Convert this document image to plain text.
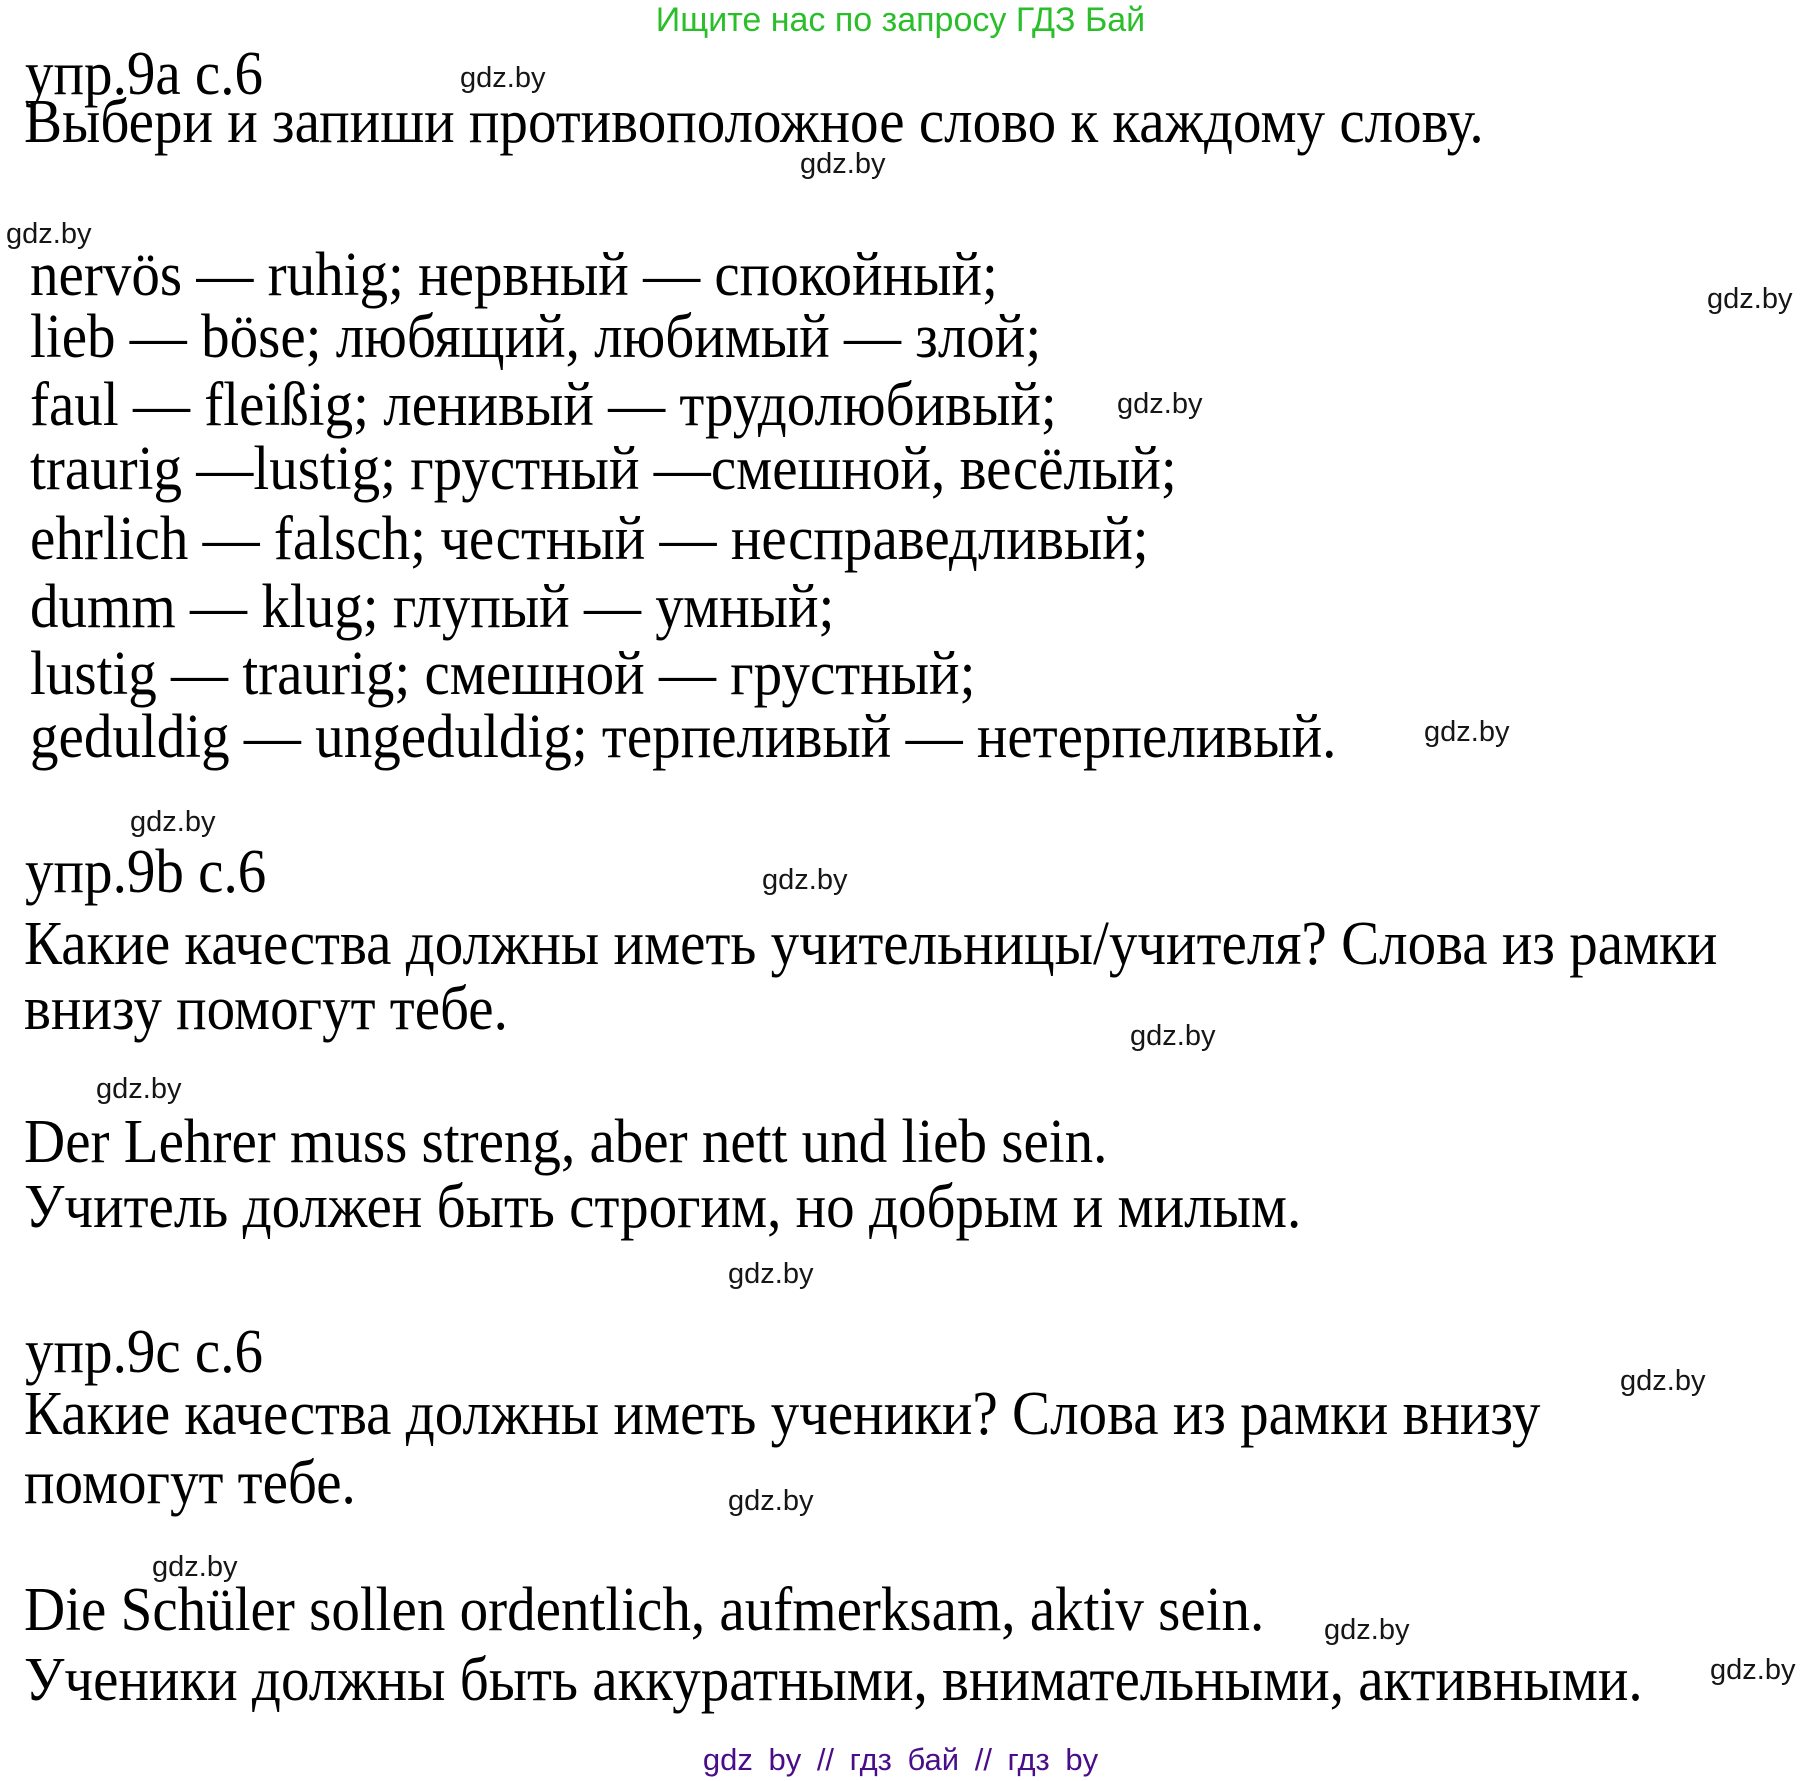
Ищите нас по запросу ГДЗ Бай
упр.9а с.6
Выбери и запиши противоположное слово к каждому слову.
nervös — ruhig; нервный — спокойный;
lieb — böse; любящий, любимый — злой;
faul — fleißig; ленивый — трудолюбивый;
traurig —lustig; грустный —смешной, весёлый;
ehrlich — falsch; честный — несправедливый;
dumm — klug; глупый — умный;
lustig — traurig; смешной — грустный;
geduldig — ungeduldig; терпеливый — нетерпеливый.
упр.9b с.6
Какие качества должны иметь учительницы/учителя? Слова из рамки
внизу помогут тебе.
Der Lehrer muss streng, aber nett und lieb sein.
Учитель должен быть строгим, но добрым и милым.
упр.9с с.6
Какие качества должны иметь ученики? Слова из рамки внизу
помогут тебе.
Die Schüler sollen ordentlich, aufmerksam, aktiv sein.
Ученики должны быть аккуратными, внимательными, активными.
gdz.by
gdz.by
gdz.by
gdz.by
gdz.by
gdz.by
gdz.by
gdz.by
gdz.by
gdz.by
gdz.by
gdz.by
gdz.by
gdz.by
gdz.by
gdz.by
gdz by // гдз бай // гдз by
